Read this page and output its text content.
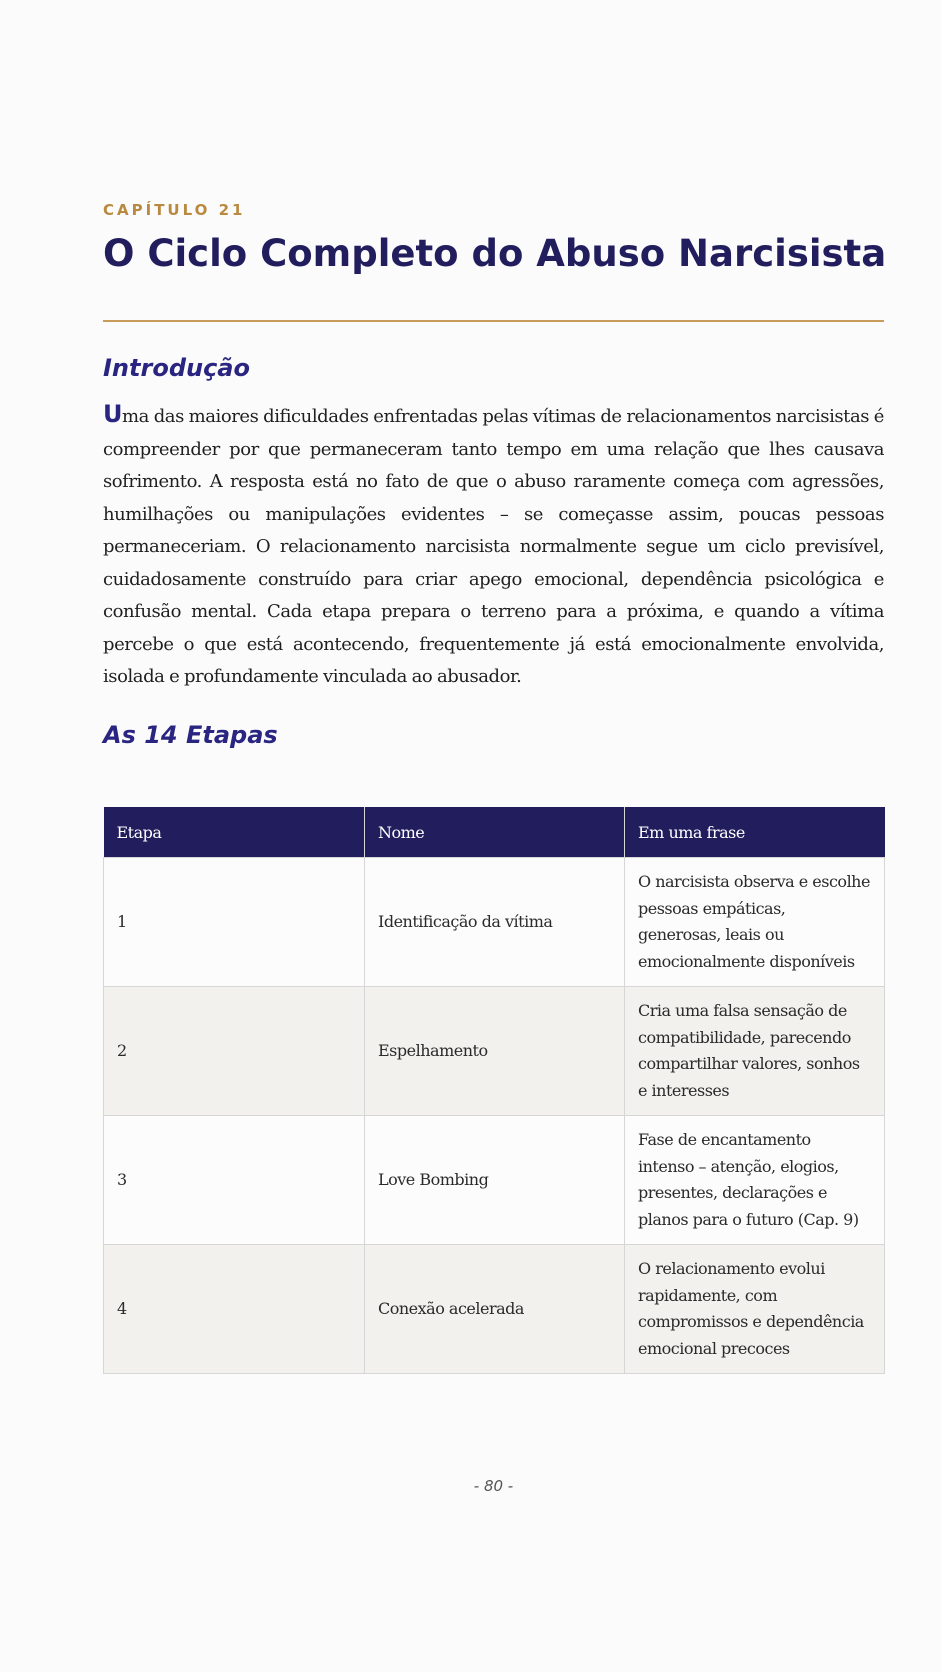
CAPÍTULO 21

O Ciclo Completo do Abuso Narcisista
Introdução

Uma das maiores dificuldades enfrentadas pelas vítimas de relacionamentos narcisistas é compreender por que permaneceram tanto tempo em uma relação que lhes causava sofrimento. A resposta está no fato de que o abuso raramente começa com agressões, humilhações ou manipulações evidentes – se começasse assim, poucas pessoas permaneceriam. O relacionamento narcisista normalmente segue um ciclo previsível, cuidadosamente construído para criar apego emocional, dependência psicológica e confusão mental. Cada etapa prepara o terreno para a próxima, e quando a vítima percebe o que está acontecendo, frequentemente já está emocionalmente envolvida, isolada e profundamente vinculada ao abusador.

As 14 Etapas
Etapa	Nome	Em uma frase
1	Identificação da vítima	O narcisista observa e escolhe pessoas empáticas, generosas, leais ou emocionalmente disponíveis
2	Espelhamento	Cria uma falsa sensação de compatibilidade, parecendo compartilhar valores, sonhos e interesses
3	Love Bombing	Fase de encantamento intenso – atenção, elogios, presentes, declarações e planos para o futuro (Cap. 9)
4	Conexão acelerada	O relacionamento evolui rapidamente, com compromissos e dependência emocional precoces
- 80 -
